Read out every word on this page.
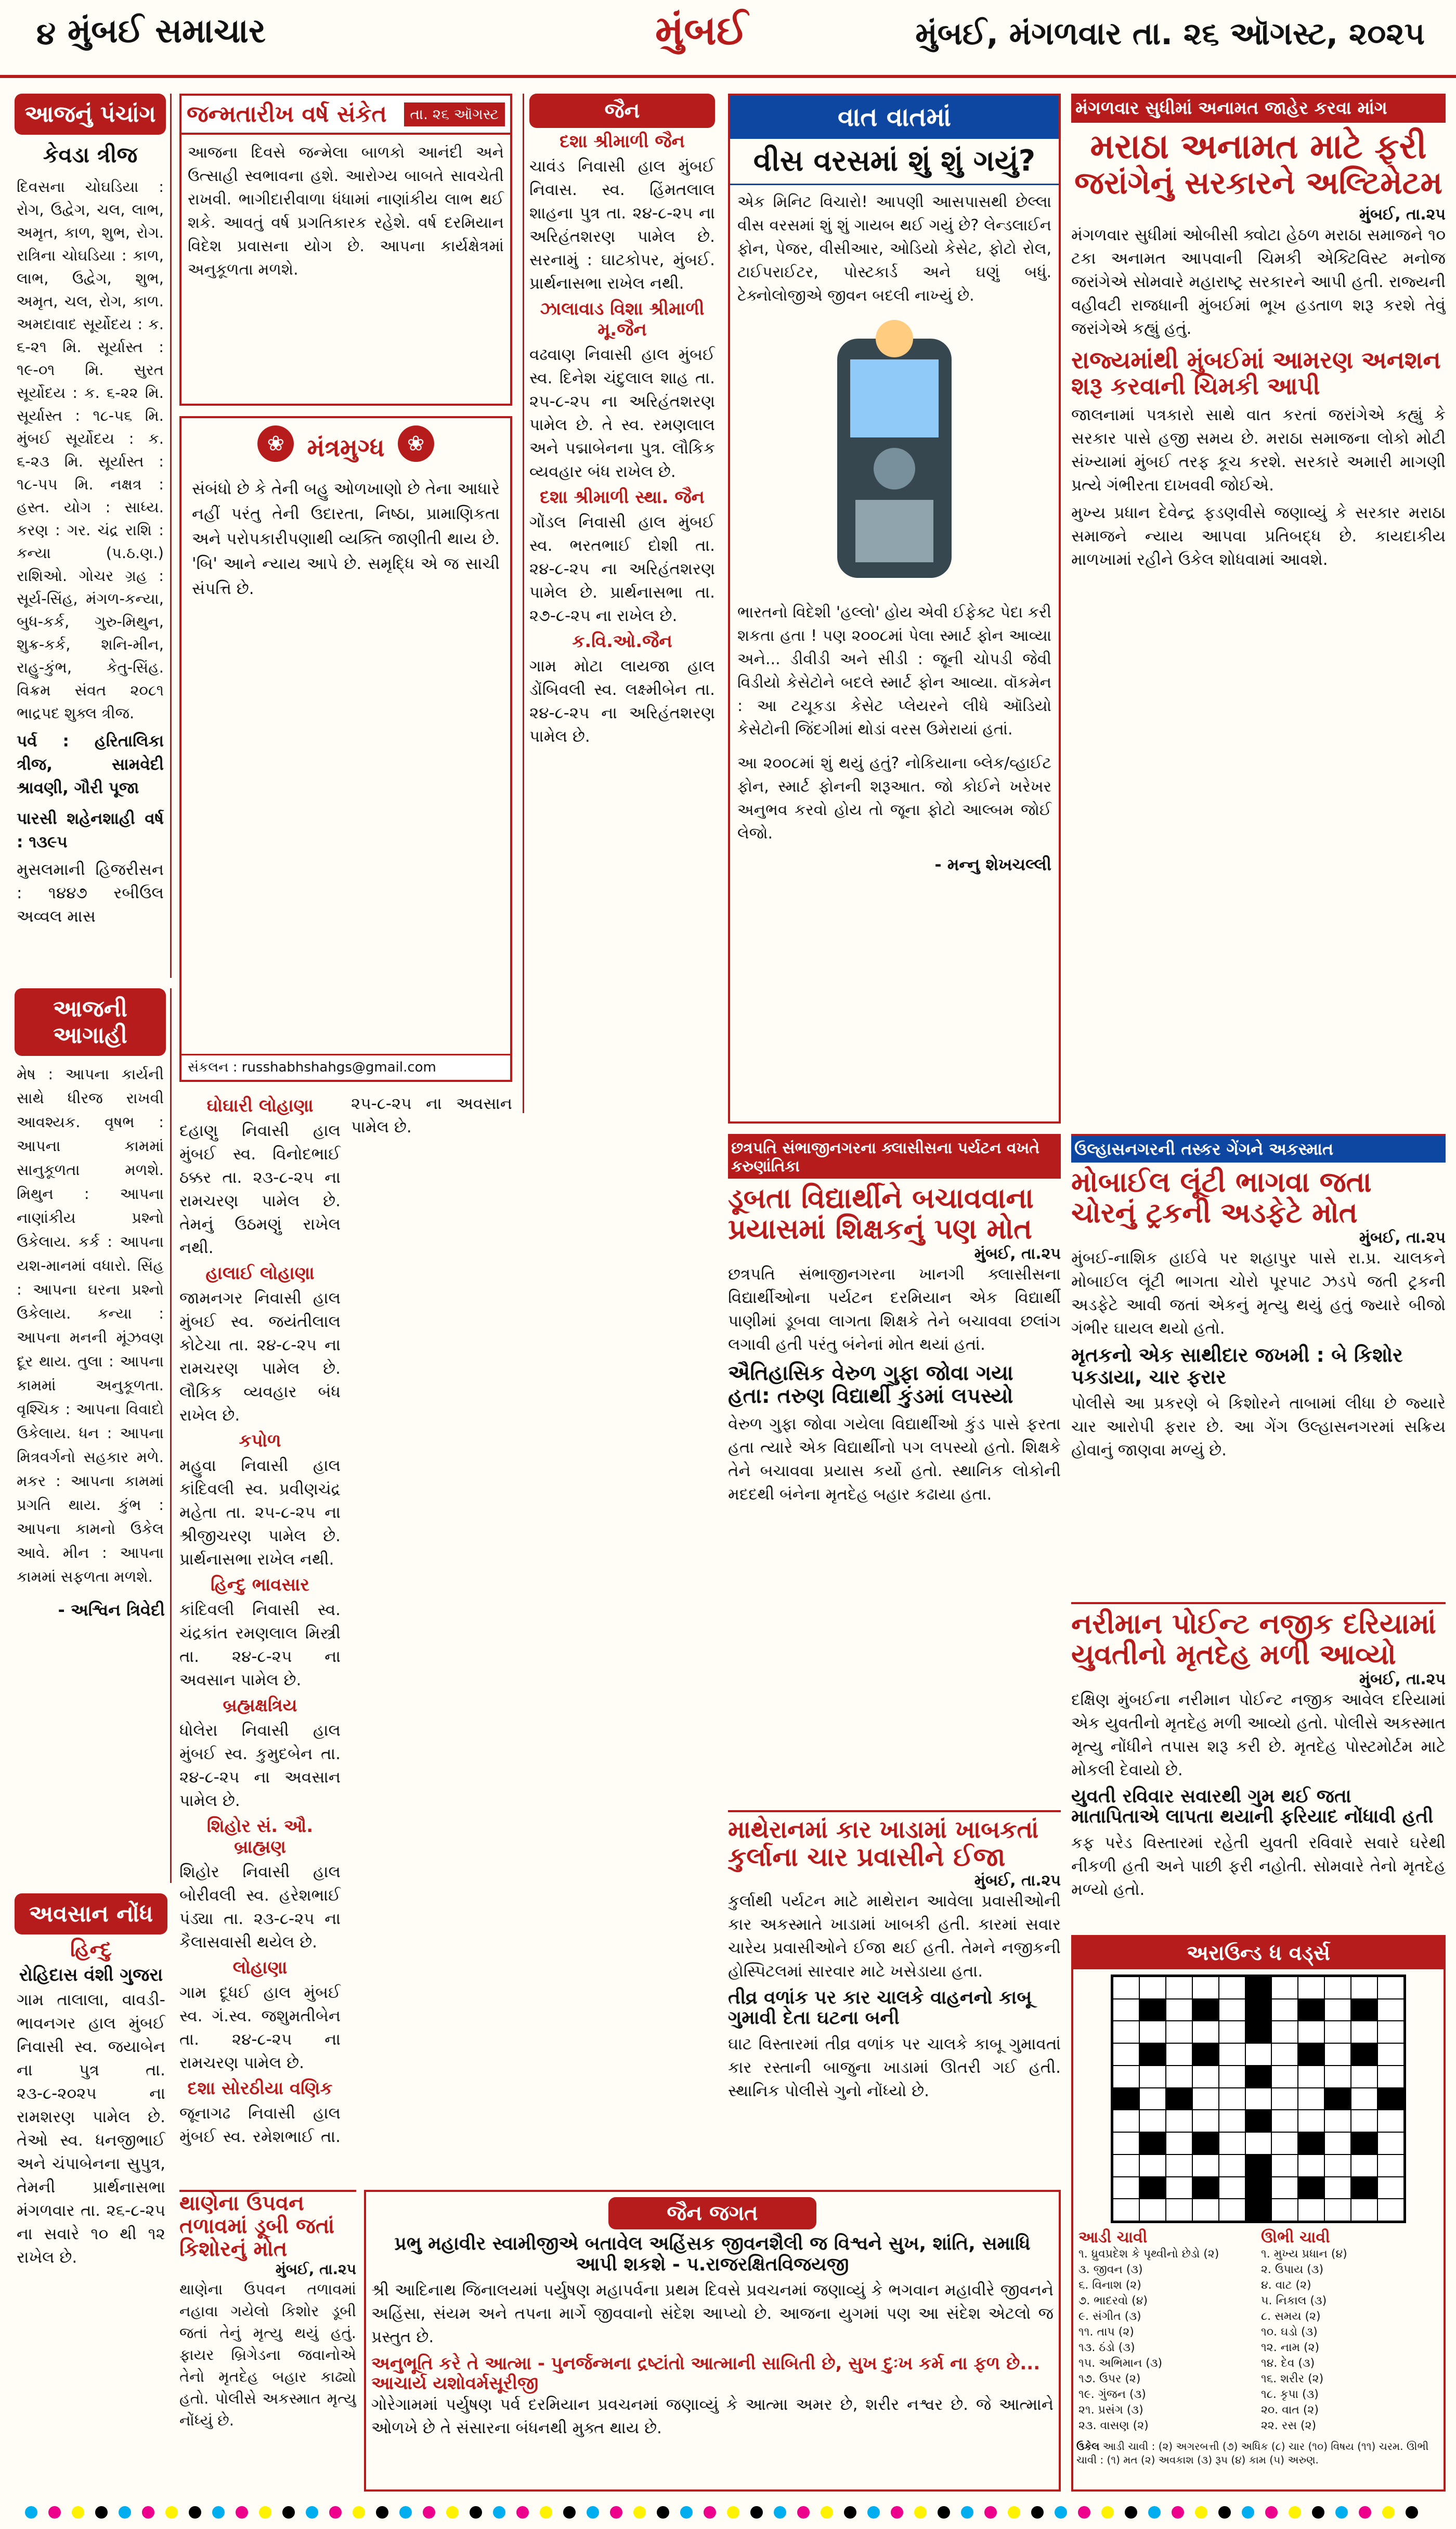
૪ મુંબઈ સમાચાર	મુંબઈ	મુંબઈ, મંગળવાર તા. ૨૬ ઑગસ્ટ, ૨૦૨૫
આજનું પંચાંગ
કેવડા ત્રીજ
દિવસના ચોઘડિયા : રોગ, ઉદ્વેગ, ચલ, લાભ, અમૃત, કાળ, શુભ, રોગ. રાત્રિના ચોઘડિયા : કાળ, લાભ, ઉદ્વેગ, શુભ, અમૃત, ચલ, રોગ, કાળ. અમદાવાદ સૂર્યોદય : ક. ૬-૨૧ મિ. સૂર્યાસ્ત : ૧૯-૦૧ મિ. સુરત સૂર્યોદય : ક. ૬-૨૨ મિ. સૂર્યાસ્ત : ૧૮-૫૬ મિ. મુંબઈ સૂર્યોદય : ક. ૬-૨૩ મિ. સૂર્યાસ્ત : ૧૮-૫૫ મિ. નક્ષત્ર : હસ્ત. યોગ : સાધ્ય. કરણ : ગર. ચંદ્ર રાશિ : કન્યા (પ.ઠ.ણ.) રાશિઓ. ગોચર ગ્રહ : સૂર્ય-સિંહ, મંગળ-કન્યા, બુધ-કર્ક, ગુરુ-મિથુન, શુક્ર-કર્ક, શનિ-મીન, રાહુ-કુંભ, કેતુ-સિંહ. વિક્રમ સંવત ૨૦૮૧ ભાદ્રપદ શુક્લ ત્રીજ.
પર્વ : હરિતાલિકા ત્રીજ, સામવેદી શ્રાવણી, ગૌરી પૂજા
પારસી શહેનશાહી વર્ષ : ૧૩૯૫
મુસલમાની હિજરીસન : ૧૪૪૭ રબીઉલ અવ્વલ માસ
આજની આગાહી
મેષ : આપના કાર્યની સાથે ધીરજ રાખવી આવશ્યક. વૃષભ : આપના કામમાં સાનુકૂળતા મળશે. મિથુન : આપના નાણાંકીય પ્રશ્નો ઉકેલાય. કર્ક : આપના યશ-માનમાં વધારો. સિંહ : આપના ઘરના પ્રશ્નો ઉકેલાય. કન્યા : આપના મનની મૂંઝવણ દૂર થાય. તુલા : આપના કામમાં અનુકૂળતા. વૃશ્ચિક : આપના વિવાદો ઉકેલાય. ધન : આપના મિત્રવર્ગનો સહકાર મળે. મકર : આપના કામમાં પ્રગતિ થાય. કુંભ : આપના કામનો ઉકેલ આવે. મીન : આપના કામમાં સફળતા મળશે.
- અશ્વિન ત્રિવેદી
અવસાન નોંધ
હિન્દુ
રોહિદાસ વંશી ગુજરા
ગામ તાલાલા, વાવડી-ભાવનગર હાલ મુંબઈ નિવાસી સ્વ. જયાબેન ના પુત્ર તા. ૨૩-૮-૨૦૨૫ ના રામશરણ પામેલ છે. તેઓ સ્વ. ધનજીભાઈ અને ચંપાબેનના સુપુત્ર, તેમની પ્રાર્થનાસભા મંગળવાર તા. ૨૬-૮-૨૫ ના સવારે ૧૦ થી ૧૨ રાખેલ છે.
જન્મતારીખ વર્ષ સંકેત	તા. ૨૬ ઑગસ્ટ
આજના દિવસે જન્મેલા બાળકો આનંદી અને ઉત્સાહી સ્વભાવના હશે. આરોગ્ય બાબતે સાવચેતી રાખવી. ભાગીદારીવાળા ધંધામાં નાણાંકીય લાભ થઈ શકે. આવતું વર્ષ પ્રગતિકારક રહેશે. વર્ષ દરમિયાન વિદેશ પ્રવાસના યોગ છે. આપના કાર્યક્ષેત્રમાં અનુકૂળતા મળશે.
❀ મંત્રમુગ્ધ ❀
સંબંધો છે કે તેની બહુ ઓળખાણો છે તેના આધારે નહીં પરંતુ તેની ઉદારતા, નિષ્ઠા, પ્રામાણિકતા અને પરોપકારીપણાથી વ્યક્તિ જાણીતી થાય છે. 'બિ' આને ન્યાય આપે છે. સમૃદ્ધિ એ જ સાચી સંપત્તિ છે.
સંકલન : russhabhshahgs@gmail.com
ઘોઘારી લોહાણા
દહાણુ નિવાસી હાલ મુંબઈ સ્વ. વિનોદભાઈ ઠક્કર તા. ૨૩-૮-૨૫ ના રામચરણ પામેલ છે. તેમનું ઉઠમણું રાખેલ નથી.
હાલાઈ લોહાણા
જામનગર નિવાસી હાલ મુંબઈ સ્વ. જયંતીલાલ કોટેચા તા. ૨૪-૮-૨૫ ના રામચરણ પામેલ છે. લૌકિક વ્યવહાર બંધ રાખેલ છે.
કપોળ
મહુવા નિવાસી હાલ કાંદિવલી સ્વ. પ્રવીણચંદ્ર મહેતા તા. ૨૫-૮-૨૫ ના શ્રીજીચરણ પામેલ છે. પ્રાર્થનાસભા રાખેલ નથી.
હિન્દુ ભાવસાર
કાંદિવલી નિવાસી સ્વ. ચંદ્રકાંત રમણલાલ મિસ્ત્રી તા. ૨૪-૮-૨૫ ના અવસાન પામેલ છે.
બ્રહ્મક્ષત્રિય
ધોલેરા નિવાસી હાલ મુંબઈ સ્વ. કુમુદબેન તા. ૨૪-૮-૨૫ ના અવસાન પામેલ છે.
શિહોર સં. ઔ. બ્રાહ્મણ
શિહોર નિવાસી હાલ બોરીવલી સ્વ. હરેશભાઈ પંડ્યા તા. ૨૩-૮-૨૫ ના કૈલાસવાસી થયેલ છે.
લોહાણા
ગામ દૂધઈ હાલ મુંબઈ સ્વ. ગં.સ્વ. જશુમતીબેન તા. ૨૪-૮-૨૫ ના રામચરણ પામેલ છે.
દશા સોરઠીયા વણિક
જૂનાગઢ નિવાસી હાલ મુંબઈ સ્વ. રમેશભાઈ તા. ૨૫-૮-૨૫ ના અવસાન પામેલ છે.
જૈન
દશા શ્રીમાળી જૈન
ચાવંડ નિવાસી હાલ મુંબઈ નિવાસ. સ્વ. હિંમતલાલ શાહના પુત્ર તા. ૨૪-૮-૨૫ ના અરિહંતશરણ પામેલ છે. સરનામું : ઘાટકોપર, મુંબઈ. પ્રાર્થનાસભા રાખેલ નથી.
ઝાલાવાડ વિશા શ્રીમાળી મૂ.જૈન
વઢવાણ નિવાસી હાલ મુંબઈ સ્વ. દિનેશ ચંદુલાલ શાહ તા. ૨૫-૮-૨૫ ના અરિહંતશરણ પામેલ છે. તે સ્વ. રમણલાલ અને પદ્માબેનના પુત્ર. લૌકિક વ્યવહાર બંધ રાખેલ છે.
દશા શ્રીમાળી સ્થા. જૈન
ગોંડલ નિવાસી હાલ મુંબઈ સ્વ. ભરતભાઈ દોશી તા. ૨૪-૮-૨૫ ના અરિહંતશરણ પામેલ છે. પ્રાર્થનાસભા તા. ૨૭-૮-૨૫ ના રાખેલ છે.
ક.વિ.ઓ.જૈન
ગામ મોટા લાયજા હાલ ડોંબિવલી સ્વ. લક્ષ્મીબેન તા. ૨૪-૮-૨૫ ના અરિહંતશરણ પામેલ છે.
જૈન જગત
પ્રભુ મહાવીર સ્વામીજીએ બતાવેલ અહિંસક જીવનશૈલી જ વિશ્વને સુખ, શાંતિ, સમાધિ આપી શકશે - પ.રાજરક્ષિતવિજયજી
શ્રી આદિનાથ જિનાલયમાં પર્યુષણ મહાપર્વના પ્રથમ દિવસે પ્રવચનમાં જણાવ્યું કે ભગવાન મહાવીરે જીવનને અહિંસા, સંયમ અને તપના માર્ગે જીવવાનો સંદેશ આપ્યો છે. આજના યુગમાં પણ આ સંદેશ એટલો જ પ્રસ્તુત છે.
અનુભૂતિ કરે તે આત્મા - પુનર્જન્મના દ્રષ્ટાંતો આત્માની સાબિતી છે, સુખ દુઃખ કર્મ ના ફળ છે... આચાર્ય યશોવર્મસૂરીજી
ગોરેગામમાં પર્યુષણ પર્વ દરમિયાન પ્રવચનમાં જણાવ્યું કે આત્મા અમર છે, શરીર નશ્વર છે. જે આત્માને ઓળખે છે તે સંસારના બંધનથી મુક્ત થાય છે.
વાત વાતમાં
વીસ વરસમાં શું શું ગયું?
એક મિનિટ વિચારો! આપણી આસપાસથી છેલ્લા વીસ વરસમાં શું શું ગાયબ થઈ ગયું છે? લેન્ડલાઈન ફોન, પેજર, વીસીઆર, ઓડિયો કેસેટ, ફોટો રોલ, ટાઈપરાઈટર, પોસ્ટકાર્ડ અને ઘણું બધું. ટેક્નોલોજીએ જીવન બદલી નાખ્યું છે.
ભારતનો વિદેશી 'હલ્લો' હોય એવી ઈફેક્ટ પેદા કરી શકતા હતા ! પણ ૨૦૦૮માં પેલા સ્માર્ટ ફોન આવ્યા અને... ડીવીડી અને સીડી : જૂની ચોપડી જેવી વિડીયો કેસેટોને બદલે સ્માર્ટ ફોન આવ્યા. વૉકમેન : આ ટચૂકડા કેસેટ પ્લેયરને લીધે ઑડિયો કેસેટોની જિંદગીમાં થોડાં વરસ ઉમેરાયાં હતાં.
આ ૨૦૦૮માં શું થયું હતું? નોકિયાના બ્લેક/વ્હાઈટ ફોન, સ્માર્ટ ફોનની શરૂઆત. જો કોઈને ખરેખર અનુભવ કરવો હોય તો જૂના ફોટો આલ્બમ જોઈ લેજો.
- મન્નુ શેખચલ્લી
મંગળવાર સુધીમાં અનામત જાહેર કરવા માંગ
મરાઠા અનામત માટે ફરી
જરાંગેનું સરકારને અલ્ટિમેટમ
મુંબઈ, તા.૨૫
મંગળવાર સુધીમાં ઓબીસી ક્વોટા હેઠળ મરાઠા સમાજને ૧૦ ટકા અનામત આપવાની ચિમકી એક્ટિવિસ્ટ મનોજ જરાંગેએ સોમવારે મહારાષ્ટ્ર સરકારને આપી હતી. રાજ્યની વહીવટી રાજધાની મુંબઈમાં ભૂખ હડતાળ શરૂ કરશે તેવું જરાંગેએ કહ્યું હતું.
રાજ્યમાંથી મુંબઈમાં આમરણ અનશન
શરૂ કરવાની ચિમકી આપી
જાલનામાં પત્રકારો સાથે વાત કરતાં જરાંગેએ કહ્યું કે સરકાર પાસે હજી સમય છે. મરાઠા સમાજના લોકો મોટી સંખ્યામાં મુંબઈ તરફ કૂચ કરશે. સરકારે અમારી માગણી પ્રત્યે ગંભીરતા દાખવવી જોઈએ.
મુખ્ય પ્રધાન દેવેન્દ્ર ફડણવીસે જણાવ્યું કે સરકાર મરાઠા સમાજને ન્યાય આપવા પ્રતિબદ્ધ છે. કાયદાકીય માળખામાં રહીને ઉકેલ શોધવામાં આવશે.
ઉલ્હાસનગરની તસ્કર ગેંગને અકસ્માત
મોબાઈલ લૂંટી ભાગવા જતા
ચોરનું ટ્રકની અડફેટે મોત
મુંબઈ, તા.૨૫
મુંબઈ-નાશિક હાઈવે પર શહાપુર પાસે રા.પ્ર. ચાલકને મોબાઈલ લૂંટી ભાગતા ચોરો પૂરપાટ ઝડપે જતી ટ્રકની અડફેટે આવી જતાં એકનું મૃત્યુ થયું હતું જ્યારે બીજો ગંભીર ઘાયલ થયો હતો.
મૃતકનો એક સાથીદાર જખમી : બે કિશોર પકડાયા, ચાર ફરાર
પોલીસે આ પ્રકરણે બે કિશોરને તાબામાં લીધા છે જ્યારે ચાર આરોપી ફરાર છે. આ ગેંગ ઉલ્હાસનગરમાં સક્રિય હોવાનું જાણવા મળ્યું છે.
નરીમાન પોઈન્ટ નજીક દરિયામાં
યુવતીનો મૃતદેહ મળી આવ્યો
મુંબઈ, તા.૨૫
દક્ષિણ મુંબઈના નરીમાન પોઈન્ટ નજીક આવેલ દરિયામાં એક યુવતીનો મૃતદેહ મળી આવ્યો હતો. પોલીસે અકસ્માત મૃત્યુ નોંધીને તપાસ શરૂ કરી છે. મૃતદેહ પોસ્ટમોર્ટમ માટે મોકલી દેવાયો છે.
યુવતી રવિવાર સવારથી ગુમ થઈ જતા માતાપિતાએ લાપતા થયાની ફરિયાદ નોંધાવી હતી
કફ પરેડ વિસ્તારમાં રહેતી યુવતી રવિવારે સવારે ઘરેથી નીકળી હતી અને પાછી ફરી નહોતી. સોમવારે તેનો મૃતદેહ મળ્યો હતો.
છત્રપતિ સંભાજીનગરના ક્લાસીસના પર્યટન વખતે કરુણાંતિકા
ડૂબતા વિદ્યાર્થીને બચાવવાના
પ્રયાસમાં શિક્ષકનું પણ મોત
મુંબઈ, તા.૨૫
છત્રપતિ સંભાજીનગરના ખાનગી ક્લાસીસના વિદ્યાર્થીઓના પર્યટન દરમિયાન એક વિદ્યાર્થી પાણીમાં ડૂબવા લાગતા શિક્ષકે તેને બચાવવા છલાંગ લગાવી હતી પરંતુ બંનેનાં મોત થયાં હતાં.
ઐતિહાસિક વેરુળ ગુફા જોવા ગયા હતા: તરુણ વિદ્યાર્થી કુંડમાં લપસ્યો
વેરુળ ગુફા જોવા ગયેલા વિદ્યાર્થીઓ કુંડ પાસે ફરતા હતા ત્યારે એક વિદ્યાર્થીનો પગ લપસ્યો હતો. શિક્ષકે તેને બચાવવા પ્રયાસ કર્યો હતો. સ્થાનિક લોકોની મદદથી બંનેના મૃતદેહ બહાર કઢાયા હતા.
માથેરાનમાં કાર ખાડામાં ખાબકતાં
કુર્લાના ચાર પ્રવાસીને ઈજા
મુંબઈ, તા.૨૫
કુર્લાથી પર્યટન માટે માથેરાન આવેલા પ્રવાસીઓની કાર અકસ્માતે ખાડામાં ખાબકી હતી. કારમાં સવાર ચારેય પ્રવાસીઓને ઈજા થઈ હતી. તેમને નજીકની હોસ્પિટલમાં સારવાર માટે ખસેડાયા હતા.
તીવ્ર વળાંક પર કાર ચાલકે વાહનનો કાબૂ ગુમાવી દેતા ઘટના બની
ઘાટ વિસ્તારમાં તીવ્ર વળાંક પર ચાલકે કાબૂ ગુમાવતાં કાર રસ્તાની બાજુના ખાડામાં ઊતરી ગઈ હતી. સ્થાનિક પોલીસે ગુનો નોંધ્યો છે.
અરાઉન્ડ ધ વર્ડ્સ
આડી ચાવી
૧. ધ્રુવપ્રદેશ કે પૃથ્વીનો છેડો (૨)
૩. જીવન (૩)
૬. વિનાશ (૨)
૭. ભાદરવો (૪)
૯. સંગીત (૩)
૧૧. તાપ (૨)
૧૩. ઠંડો (૩)
૧૫. અભિમાન (૩)
૧૭. ઉપર (૨)
૧૯. ગુંજન (૩)
૨૧. પ્રસંગ (૩)
૨૩. વાસણ (૨)
ઊભી ચાવી
૧. મુખ્ય પ્રધાન (૪)
૨. ઉપાય (૩)
૪. વાટ (૨)
૫. નિકાલ (૩)
૮. સમય (૨)
૧૦. ઘડો (૩)
૧૨. નામ (૨)
૧૪. દેવ (૩)
૧૬. શરીર (૨)
૧૮. કૃપા (૩)
૨૦. વાત (૨)
૨૨. રસ (૨)
થાણેના ઉપવન તળાવમાં ડૂબી જતાં કિશોરનું મોત
મુંબઈ, તા.૨૫
થાણેના ઉપવન તળાવમાં નહાવા ગયેલો કિશોર ડૂબી જતાં તેનું મૃત્યુ થયું હતું. ફાયર બ્રિગેડના જવાનોએ તેનો મૃતદેહ બહાર કાઢ્યો હતો. પોલીસે અકસ્માત મૃત્યુ નોંધ્યું છે.
ઉકેલ આડી ચાવી : (૨) અગરબત્તી (૭) અધિક (૮) ચાર (૧૦) વિષય (૧૧) ચરમ. ઊભી ચાવી : (૧) મત (૨) અવકાશ (૩) રૂપ (૪) કામ (૫) અરુણ.
